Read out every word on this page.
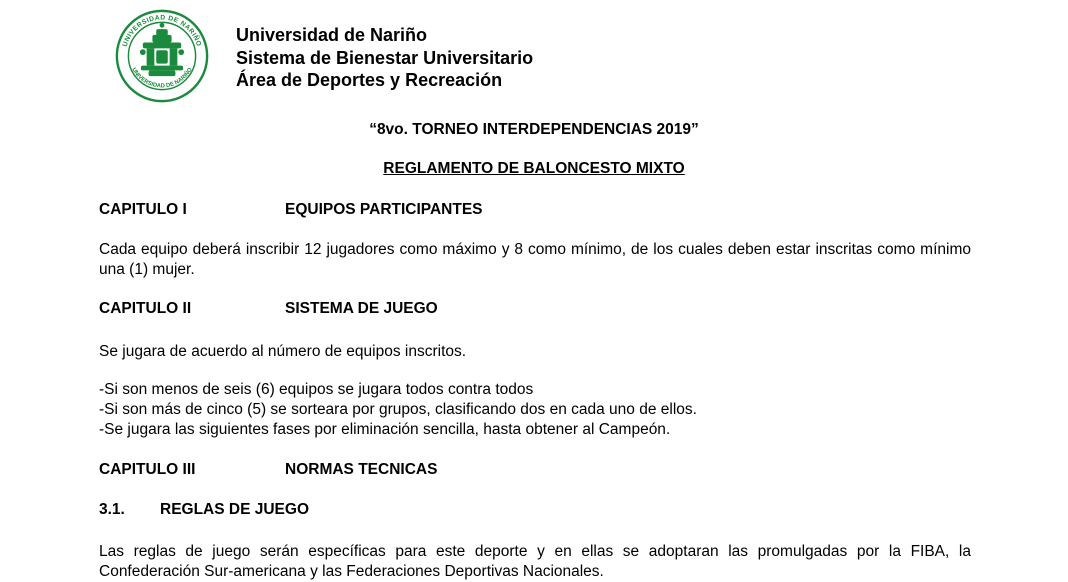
UNIVERSIDAD DE NARIÑO
UNIVERSIDAD DE NARIÑO
Universidad de Nariño
Sistema de Bienestar Universitario
Área de Deportes y Recreación
“8vo. TORNEO INTERDEPENDENCIAS 2019”
REGLAMENTO DE BALONCESTO MIXTO
CAPITULO I	EQUIPOS PARTICIPANTES
Cada equipo deberá inscribir 12 jugadores como máximo y 8 como mínimo, de los cuales deben estar inscritas como mínimo una (1) mujer.
CAPITULO II	SISTEMA DE JUEGO
Se jugara de acuerdo al número de equipos inscritos.
-Si son menos de seis (6) equipos se jugara todos contra todos
-Si son más de cinco (5) se sorteara por grupos, clasificando dos en cada uno de ellos.
-Se jugara las siguientes fases por eliminación sencilla, hasta obtener al Campeón.
CAPITULO III	NORMAS TECNICAS
3.1. REGLAS DE JUEGO
Las reglas de juego serán específicas para este deporte y en ellas se adoptaran las promulgadas por la FIBA, la Confederación Sur-americana y las Federaciones Deportivas Nacionales.
